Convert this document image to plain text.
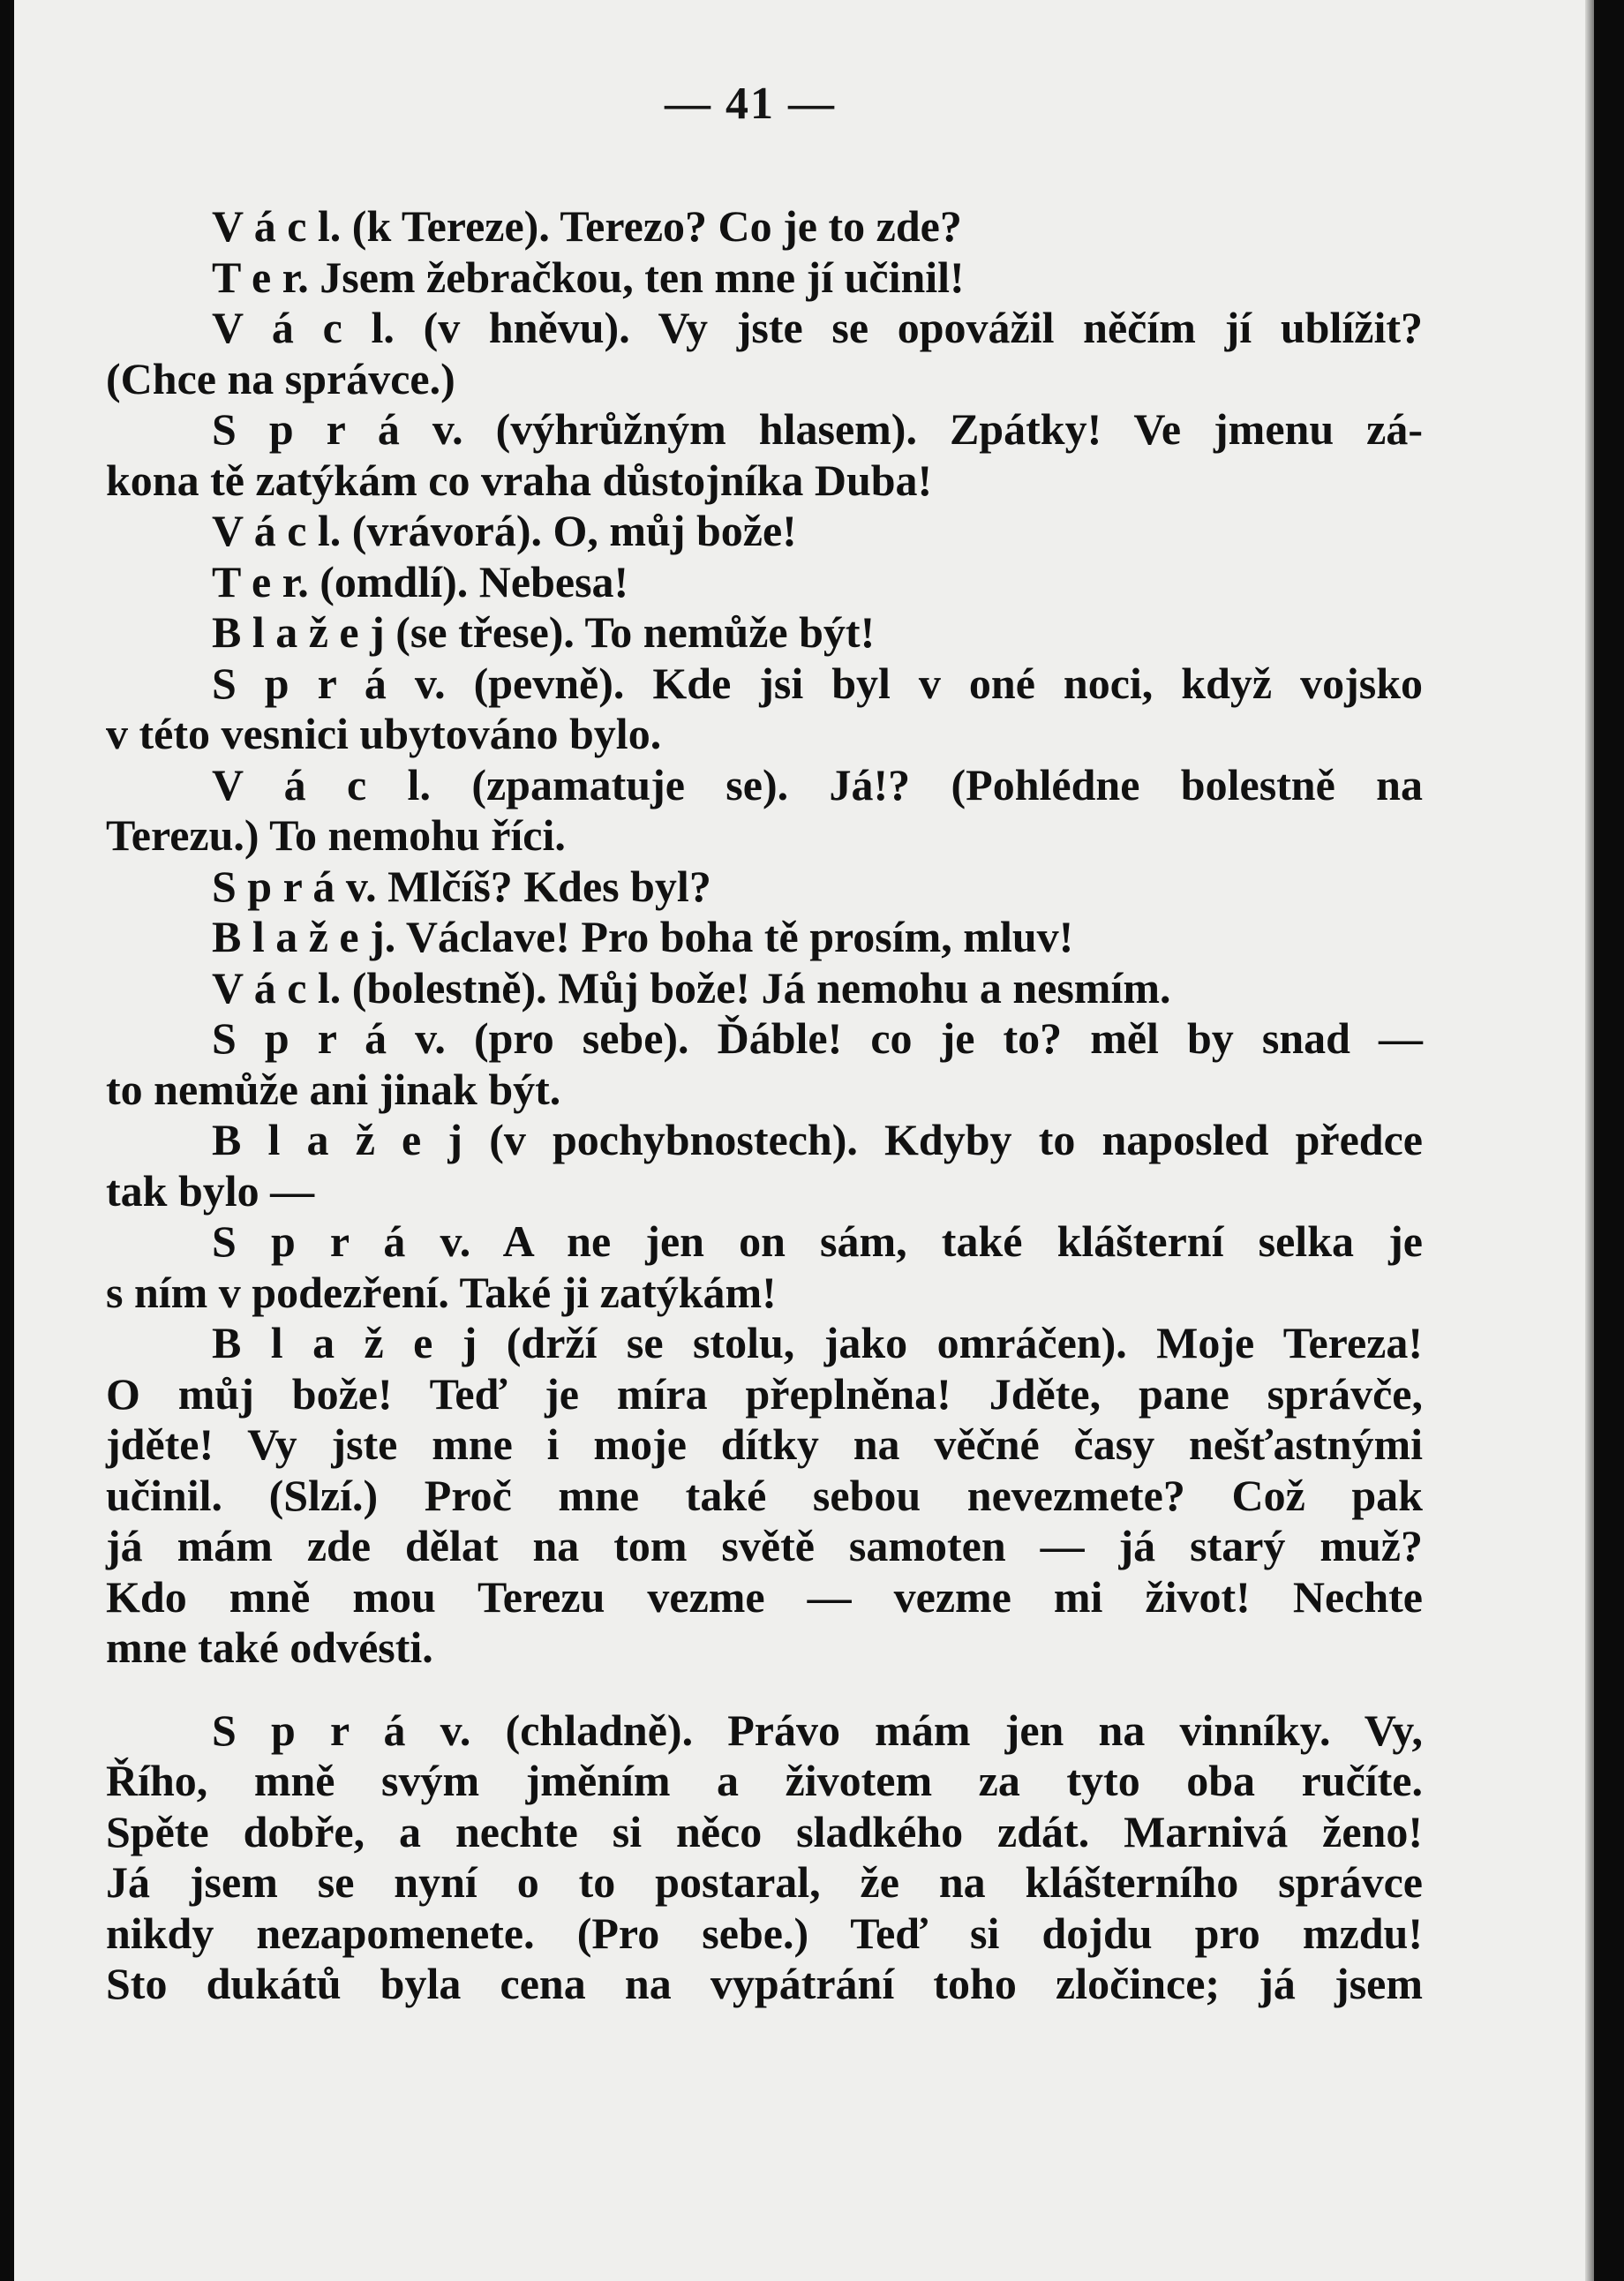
— 41 —
V á c l. (k Tereze). Terezo? Co je to zde?
T e r. Jsem žebračkou, ten mne jí učinil!
V á c l. (v hněvu). Vy jste se opovážil něčím jí ublížit?
(Chce na správce.)
S p r á v. (výhrůžným hlasem). Zpátky! Ve jmenu zá-
kona tě zatýkám co vraha důstojníka Duba!
V á c l. (vrávorá). O, můj bože!
T e r. (omdlí). Nebesa!
B l a ž e j (se třese). To nemůže být!
S p r á v. (pevně). Kde jsi byl v oné noci, když vojsko
v této vesnici ubytováno bylo.
V á c l. (zpamatuje se). Já!? (Pohlédne bolestně na
Terezu.) To nemohu říci.
S p r á v. Mlčíš? Kdes byl?
B l a ž e j. Václave! Pro boha tě prosím, mluv!
V á c l. (bolestně). Můj bože! Já nemohu a nesmím.
S p r á v. (pro sebe). Ďáble! co je to? měl by snad —
to nemůže ani jinak být.
B l a ž e j (v pochybnostech). Kdyby to naposled předce
tak bylo —
S p r á v. A ne jen on sám, také klášterní selka je
s ním v podezření. Také ji zatýkám!
B l a ž e j (drží se stolu, jako omráčen). Moje Tereza!
O můj bože! Teď je míra přeplněna! Jděte, pane správče,
jděte! Vy jste mne i moje dítky na věčné časy nešťastnými
učinil. (Slzí.) Proč mne také sebou nevezmete? Což pak
já mám zde dělat na tom světě samoten — já starý muž?
Kdo mně mou Terezu vezme — vezme mi život! Nechte
mne také odvésti.
S p r á v. (chladně). Právo mám jen na vinníky. Vy,
Řího, mně svým jměním a životem za tyto oba ručíte.
Spěte dobře, a nechte si něco sladkého zdát. Marnivá ženo!
Já jsem se nyní o to postaral, že na klášterního správce
nikdy nezapomenete. (Pro sebe.) Teď si dojdu pro mzdu!
Sto dukátů byla cena na vypátrání toho zločince; já jsem
